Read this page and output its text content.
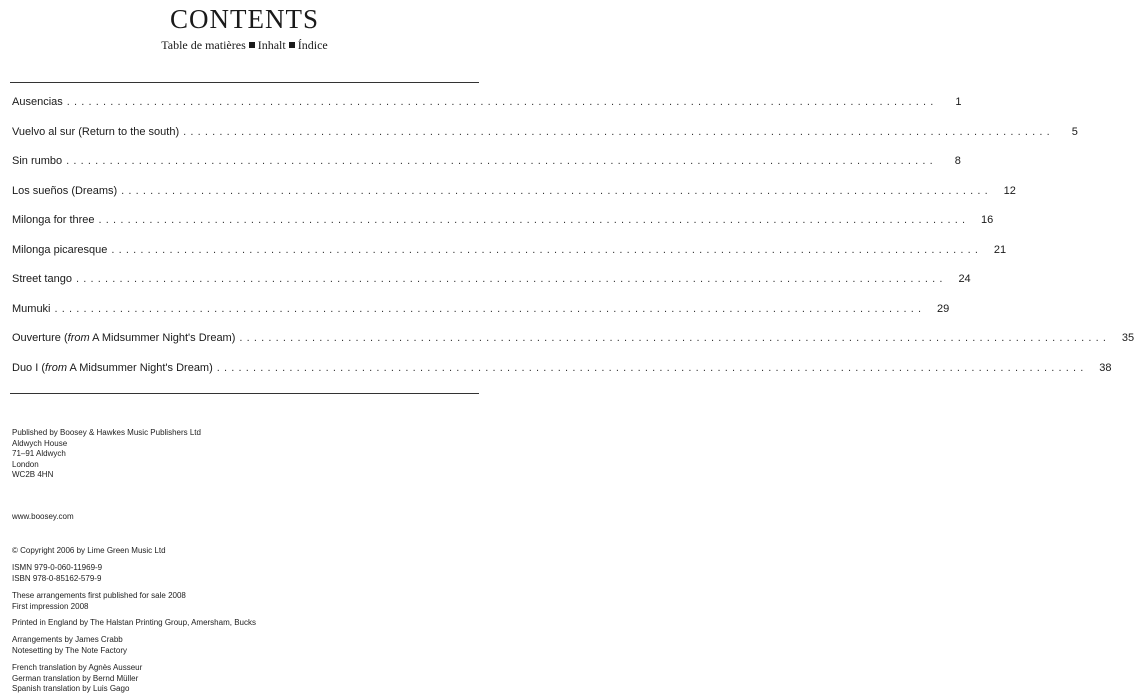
CONTENTS
Table de matières Inhalt Índice
Ausencias ........................................................................................................................	1
Vuelvo al sur (Return to the south) ........................................................................................................................	5
Sin rumbo ........................................................................................................................	8
Los sueños (Dreams) ........................................................................................................................	12
Milonga for three ........................................................................................................................	16
Milonga picaresque ........................................................................................................................	21
Street tango ........................................................................................................................	24
Mumuki ........................................................................................................................	29
Ouverture (from A Midsummer Night's Dream) ........................................................................................................................	35
Duo I (from A Midsummer Night's Dream) ........................................................................................................................	38
Published by Boosey & Hawkes Music Publishers Ltd
Aldwych House
71–91 Aldwych
London
WC2B 4HN
www.boosey.com
© Copyright 2006 by Lime Green Music Ltd
ISMN 979-0-060-11969-9
ISBN 978-0-85162-579-9
These arrangements first published for sale 2008
First impression 2008
Printed in England by The Halstan Printing Group, Amersham, Bucks
Arrangements by James Crabb
Notesetting by The Note Factory
French translation by Agnès Ausseur
German translation by Bernd Müller
Spanish translation by Luis Gago
